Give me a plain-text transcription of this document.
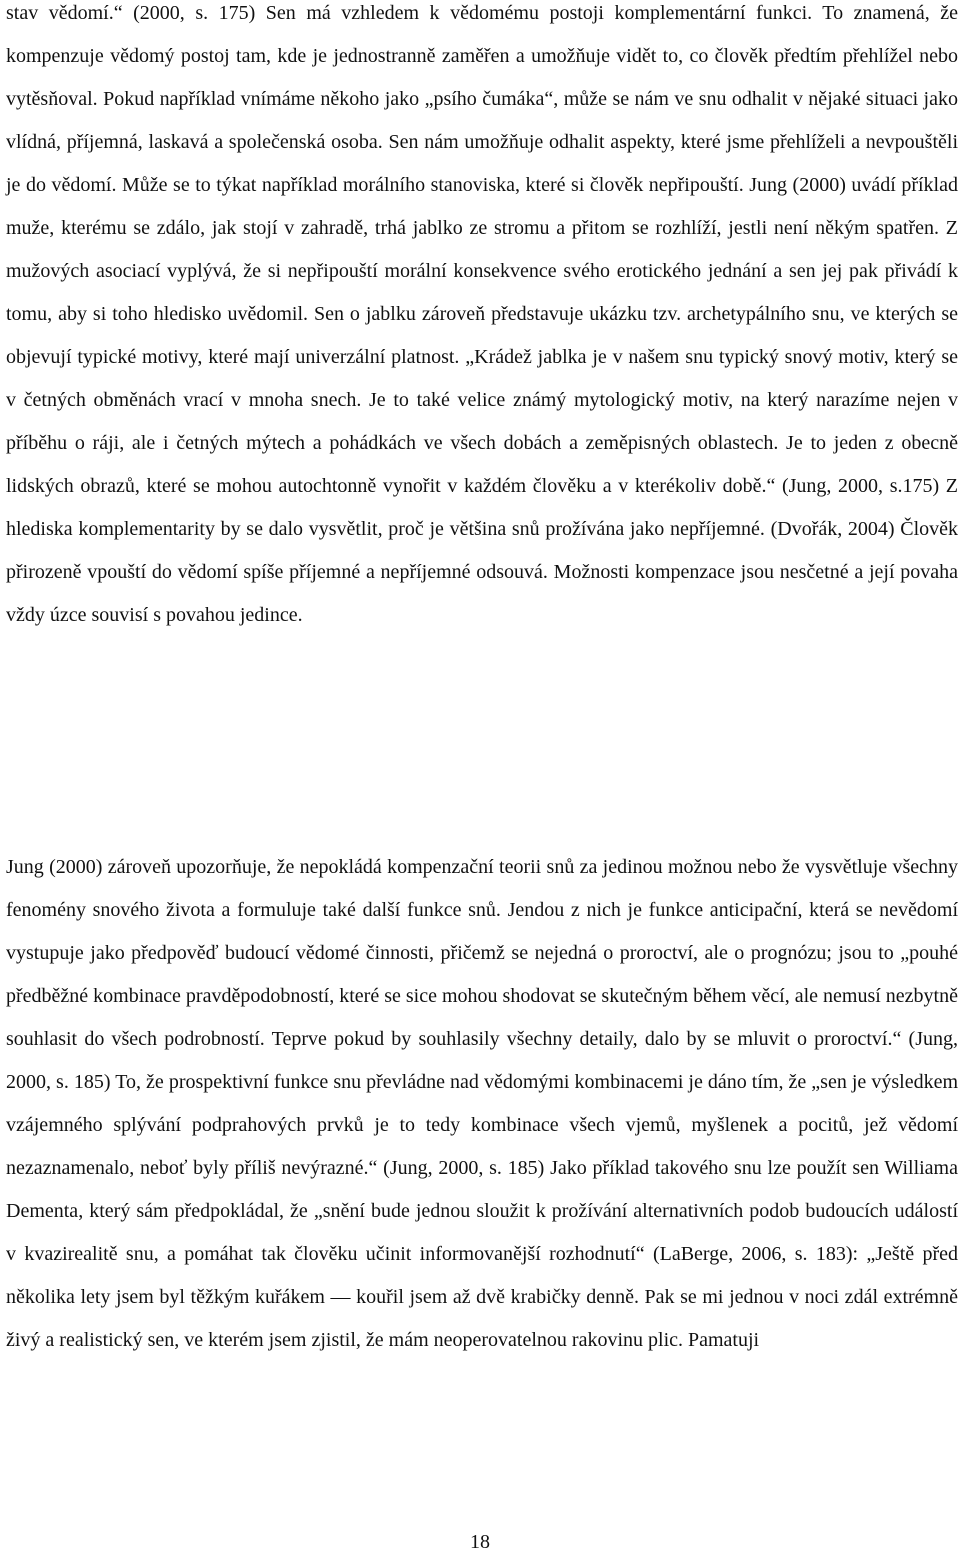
stav vědomí.“ (2000, s. 175) Sen má vzhledem k vědomému postoji komplementární funkci. To znamená, že kompenzuje vědomý postoj tam, kde je jednostranně zaměřen a umožňuje vidět to, co člověk předtím přehlížel nebo vytěsňoval. Pokud například vnímáme někoho jako „psího čumáka“, může se nám ve snu odhalit v nějaké situaci jako vlídná, příjemná, laskavá a společenská osoba. Sen nám umožňuje odhalit aspekty, které jsme přehlíželi a nevpouštěli je do vědomí. Může se to týkat například morálního stanoviska, které si člověk nepřipouští. Jung (2000) uvádí příklad muže, kterému se zdálo, jak stojí v zahradě, trhá jablko ze stromu a přitom se rozhlíží, jestli není někým spatřen. Z mužových asociací vyplývá, že si nepřipouští morální konsekvence svého erotického jednání a sen jej pak přivádí k tomu, aby si toho hledisko uvědomil. Sen o jablku zároveň představuje ukázku tzv. archetypálního snu, ve kterých se objevují typické motivy, které mají univerzální platnost. „Krádež jablka je v našem snu typický snový motiv, který se v četných obměnách vrací v mnoha snech. Je to také velice známý mytologický motiv, na který narazíme nejen v příběhu o ráji, ale i četných mýtech a pohádkách ve všech dobách a zeměpisných oblastech. Je to jeden z obecně lidských obrazů, které se mohou autochtonně vynořit v každém člověku a v kterékoliv době.“ (Jung, 2000, s.175) Z hlediska komplementarity by se dalo vysvětlit, proč je většina snů prožívána jako nepříjemné. (Dvořák, 2004) Člověk přirozeně vpouští do vědomí spíše příjemné a nepříjemné odsouvá. Možnosti kompenzace jsou nesčetné a její povaha vždy úzce souvisí s povahou jedince.

Jung (2000) zároveň upozorňuje, že nepokládá kompenzační teorii snů za jedinou možnou nebo že vysvětluje všechny fenomény snového života a formuluje také další funkce snů. Jendou z nich je funkce anticipační, která se nevědomí vystupuje jako předpověď budoucí vědomé činnosti, přičemž se nejedná o proroctví, ale o prognózu; jsou to „pouhé předběžné kombinace pravděpodobností, které se sice mohou shodovat se skutečným během věcí, ale nemusí nezbytně souhlasit do všech podrobností. Teprve pokud by souhlasily všechny detaily, dalo by se mluvit o proroctví.“ (Jung, 2000, s. 185) To, že prospektivní funkce snu převládne nad vědomými kombinacemi je dáno tím, že „sen je výsledkem vzájemného splývání podprahových prvků je to tedy kombinace všech vjemů, myšlenek a pocitů, jež vědomí nezaznamenalo, neboť byly příliš nevýrazné.“ (Jung, 2000, s. 185) Jako příklad takového snu lze použít sen Williama Dementa, který sám předpokládal, že „snění bude jednou sloužit k prožívání alternativních podob budoucích událostí v kvazirealitě snu, a pomáhat tak člověku učinit informovanější rozhodnutí“ (LaBerge, 2006, s. 183): „Ještě před několika lety jsem byl těžkým kuřákem — kouřil jsem až dvě krabičky denně. Pak se mi jednou v noci zdál extrémně živý a realistický sen, ve kterém jsem zjistil, že mám neoperovatelnou rakovinu plic. Pamatuji

18
